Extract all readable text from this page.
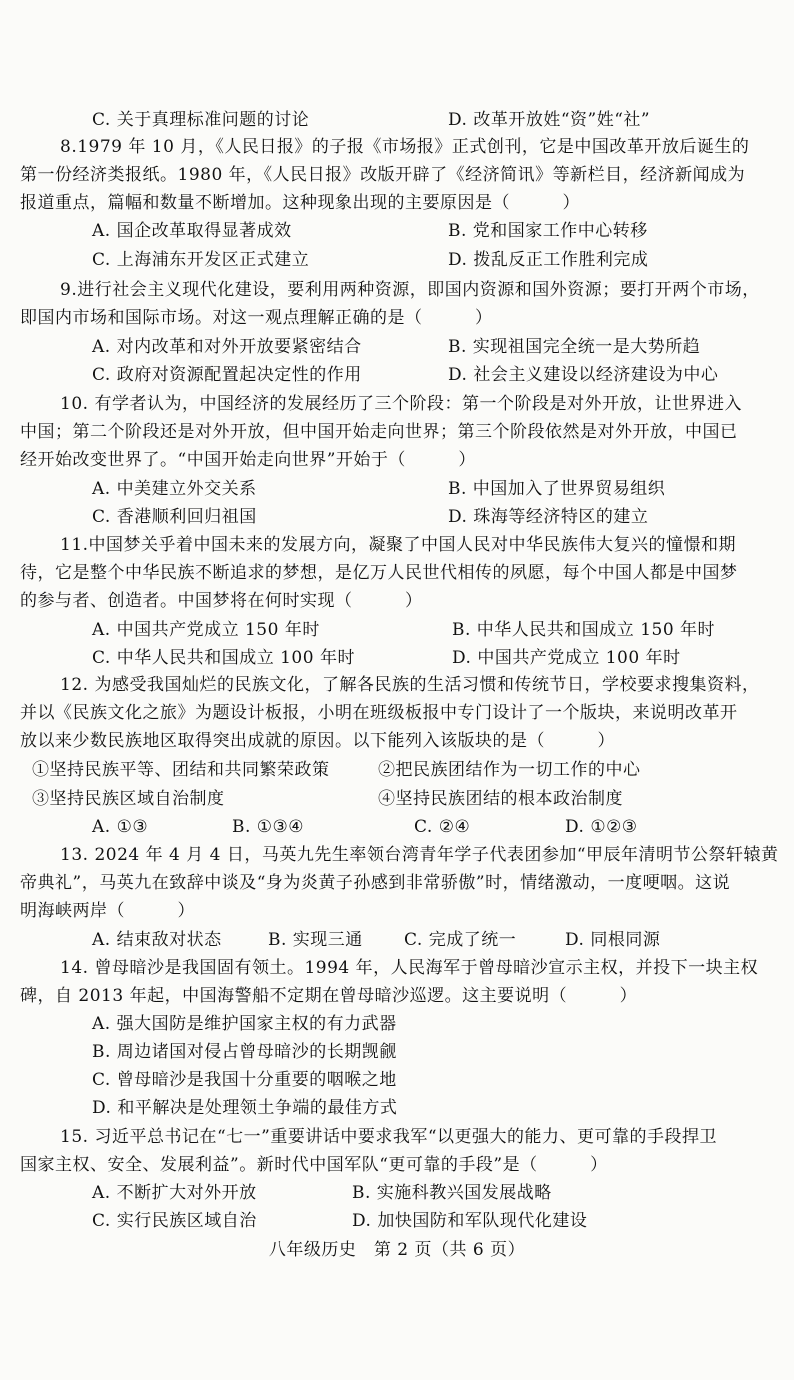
C. 关于真理标准问题的讨论	D. 改革开放姓“资”姓“社”
8.1979 年 10 月，《人民日报》的子报《市场报》正式创刊，它是中国改革开放后诞生的
第一份经济类报纸。1980 年，《人民日报》改版开辟了《经济简讯》等新栏目，经济新闻成为
报道重点，篇幅和数量不断增加。这种现象出现的主要原因是（　　　）
A. 国企改革取得显著成效	B. 党和国家工作中心转移
C. 上海浦东开发区正式建立	D. 拨乱反正工作胜利完成
9.进行社会主义现代化建设，要利用两种资源，即国内资源和国外资源；要打开两个市场，
即国内市场和国际市场。对这一观点理解正确的是（　　　）
A. 对内改革和对外开放要紧密结合	B. 实现祖国完全统一是大势所趋
C. 政府对资源配置起决定性的作用	D. 社会主义建设以经济建设为中心
10. 有学者认为，中国经济的发展经历了三个阶段：第一个阶段是对外开放，让世界进入
中国；第二个阶段还是对外开放，但中国开始走向世界；第三个阶段依然是对外开放，中国已
经开始改变世界了。“中国开始走向世界”开始于（　　　）
A. 中美建立外交关系	B. 中国加入了世界贸易组织
C. 香港顺利回归祖国	D. 珠海等经济特区的建立
11.中国梦关乎着中国未来的发展方向，凝聚了中国人民对中华民族伟大复兴的憧憬和期
待，它是整个中华民族不断追求的梦想，是亿万人民世代相传的夙愿，每个中国人都是中国梦
的参与者、创造者。中国梦将在何时实现（　　　）
A. 中国共产党成立 150 年时	B. 中华人民共和国成立 150 年时
C. 中华人民共和国成立 100 年时	D. 中国共产党成立 100 年时
12. 为感受我国灿烂的民族文化，了解各民族的生活习惯和传统节日，学校要求搜集资料，
并以《民族文化之旅》为题设计板报，小明在班级板报中专门设计了一个版块，来说明改革开
放以来少数民族地区取得突出成就的原因。以下能列入该版块的是（　　　）
①坚持民族平等、团结和共同繁荣政策	②把民族团结作为一切工作的中心
③坚持民族区域自治制度	④坚持民族团结的根本政治制度
A. ①③	B. ①③④	C. ②④	D. ①②③
13. 2024 年 4 月 4 日，马英九先生率领台湾青年学子代表团参加“甲辰年清明节公祭轩辕黄
帝典礼”，马英九在致辞中谈及“身为炎黄子孙感到非常骄傲”时，情绪激动，一度哽咽。这说
明海峡两岸（　　　）
A. 结束敌对状态	B. 实现三通 C. 完成了统一	D. 同根同源
14. 曾母暗沙是我国固有领土。1994 年，人民海军于曾母暗沙宣示主权，并投下一块主权
碑，自 2013 年起，中国海警船不定期在曾母暗沙巡逻。这主要说明（　　　）
A. 强大国防是维护国家主权的有力武器
B. 周边诸国对侵占曾母暗沙的长期觊觎
C. 曾母暗沙是我国十分重要的咽喉之地
D. 和平解决是处理领土争端的最佳方式
15. 习近平总书记在“七一”重要讲话中要求我军“以更强大的能力、更可靠的手段捍卫
国家主权、安全、发展利益”。新时代中国军队“更可靠的手段”是（　　　）
A. 不断扩大对外开放	B. 实施科教兴国发展战略
C. 实行民族区域自治	D. 加快国防和军队现代化建设
八年级历史　第 2 页（共 6 页）
